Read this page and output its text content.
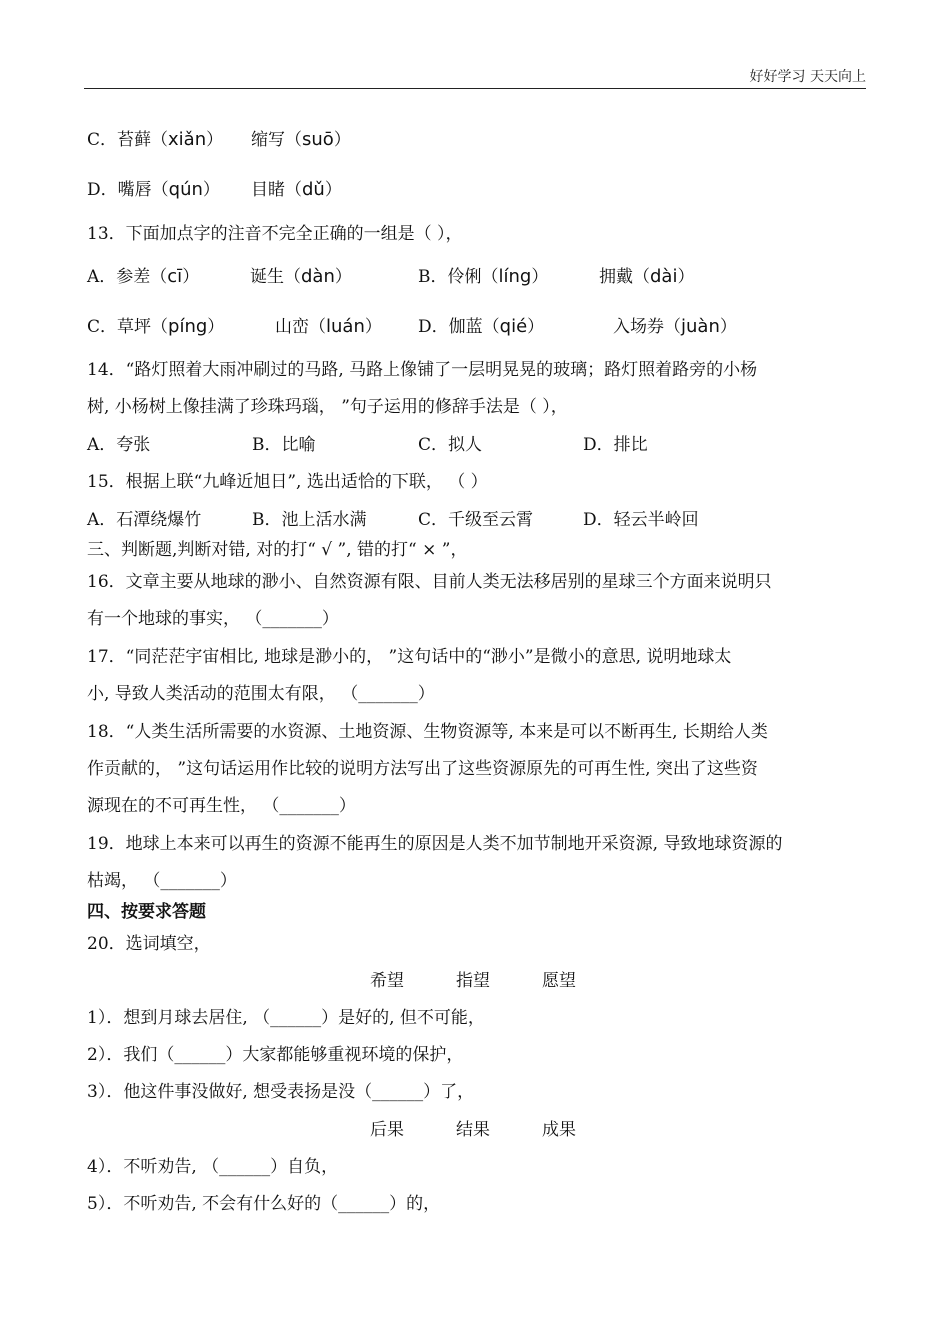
好好学习 天天向上
C．苔藓（xiǎn） 缩写（suō）
D．嘴唇（qún） 目睹（dǔ）
13．下面加点字的注音不完全正确的一组是（ ），
A．参差（cī）	诞生（dàn）	B．伶俐（líng）	拥戴（dài）
C．草坪（píng）	山峦（luán） D．伽蓝（qié）	入场券（juàn）
14．“路灯照着大雨冲刷过的马路, 马路上像铺了一层明晃晃的玻璃；路灯照着路旁的小杨
树, 小杨树上像挂满了珍珠玛瑙， ”句子运用的修辞手法是（ ），
A．夸张	B．比喻	C．拟人	D．排比
15．根据上联“九峰近旭日”, 选出适恰的下联， （ ）
A．石潭绕爆竹	B．池上活水满	C．千级至云霄	D．轻云半岭回
三、判断题,判断对错, 对的打“ √ ”, 错的打“ × ”，
16．文章主要从地球的渺小、自然资源有限、目前人类无法移居别的星球三个方面来说明只
有一个地球的事实， （_______）
17．“同茫茫宇宙相比, 地球是渺小的， ”这句话中的“渺小”是微小的意思, 说明地球太
小, 导致人类活动的范围太有限， （_______）
18．“人类生活所需要的水资源、土地资源、生物资源等, 本来是可以不断再生, 长期给人类
作贡献的， ”这句话运用作比较的说明方法写出了这些资源原先的可再生性, 突出了这些资
源现在的不可再生性， （_______）
19．地球上本来可以再生的资源不能再生的原因是人类不加节制地开采资源, 导致地球资源的
枯竭， （_______）
四、按要求答题
20．选词填空，
希望	指望	愿望
1）．想到月球去居住, （______）是好的, 但不可能，
2）．我们（______）大家都能够重视环境的保护，
3）．他这件事没做好, 想受表扬是没（______）了，
后果	结果	成果
4）．不听劝告, （______）自负，
5）．不听劝告, 不会有什么好的（______）的，
